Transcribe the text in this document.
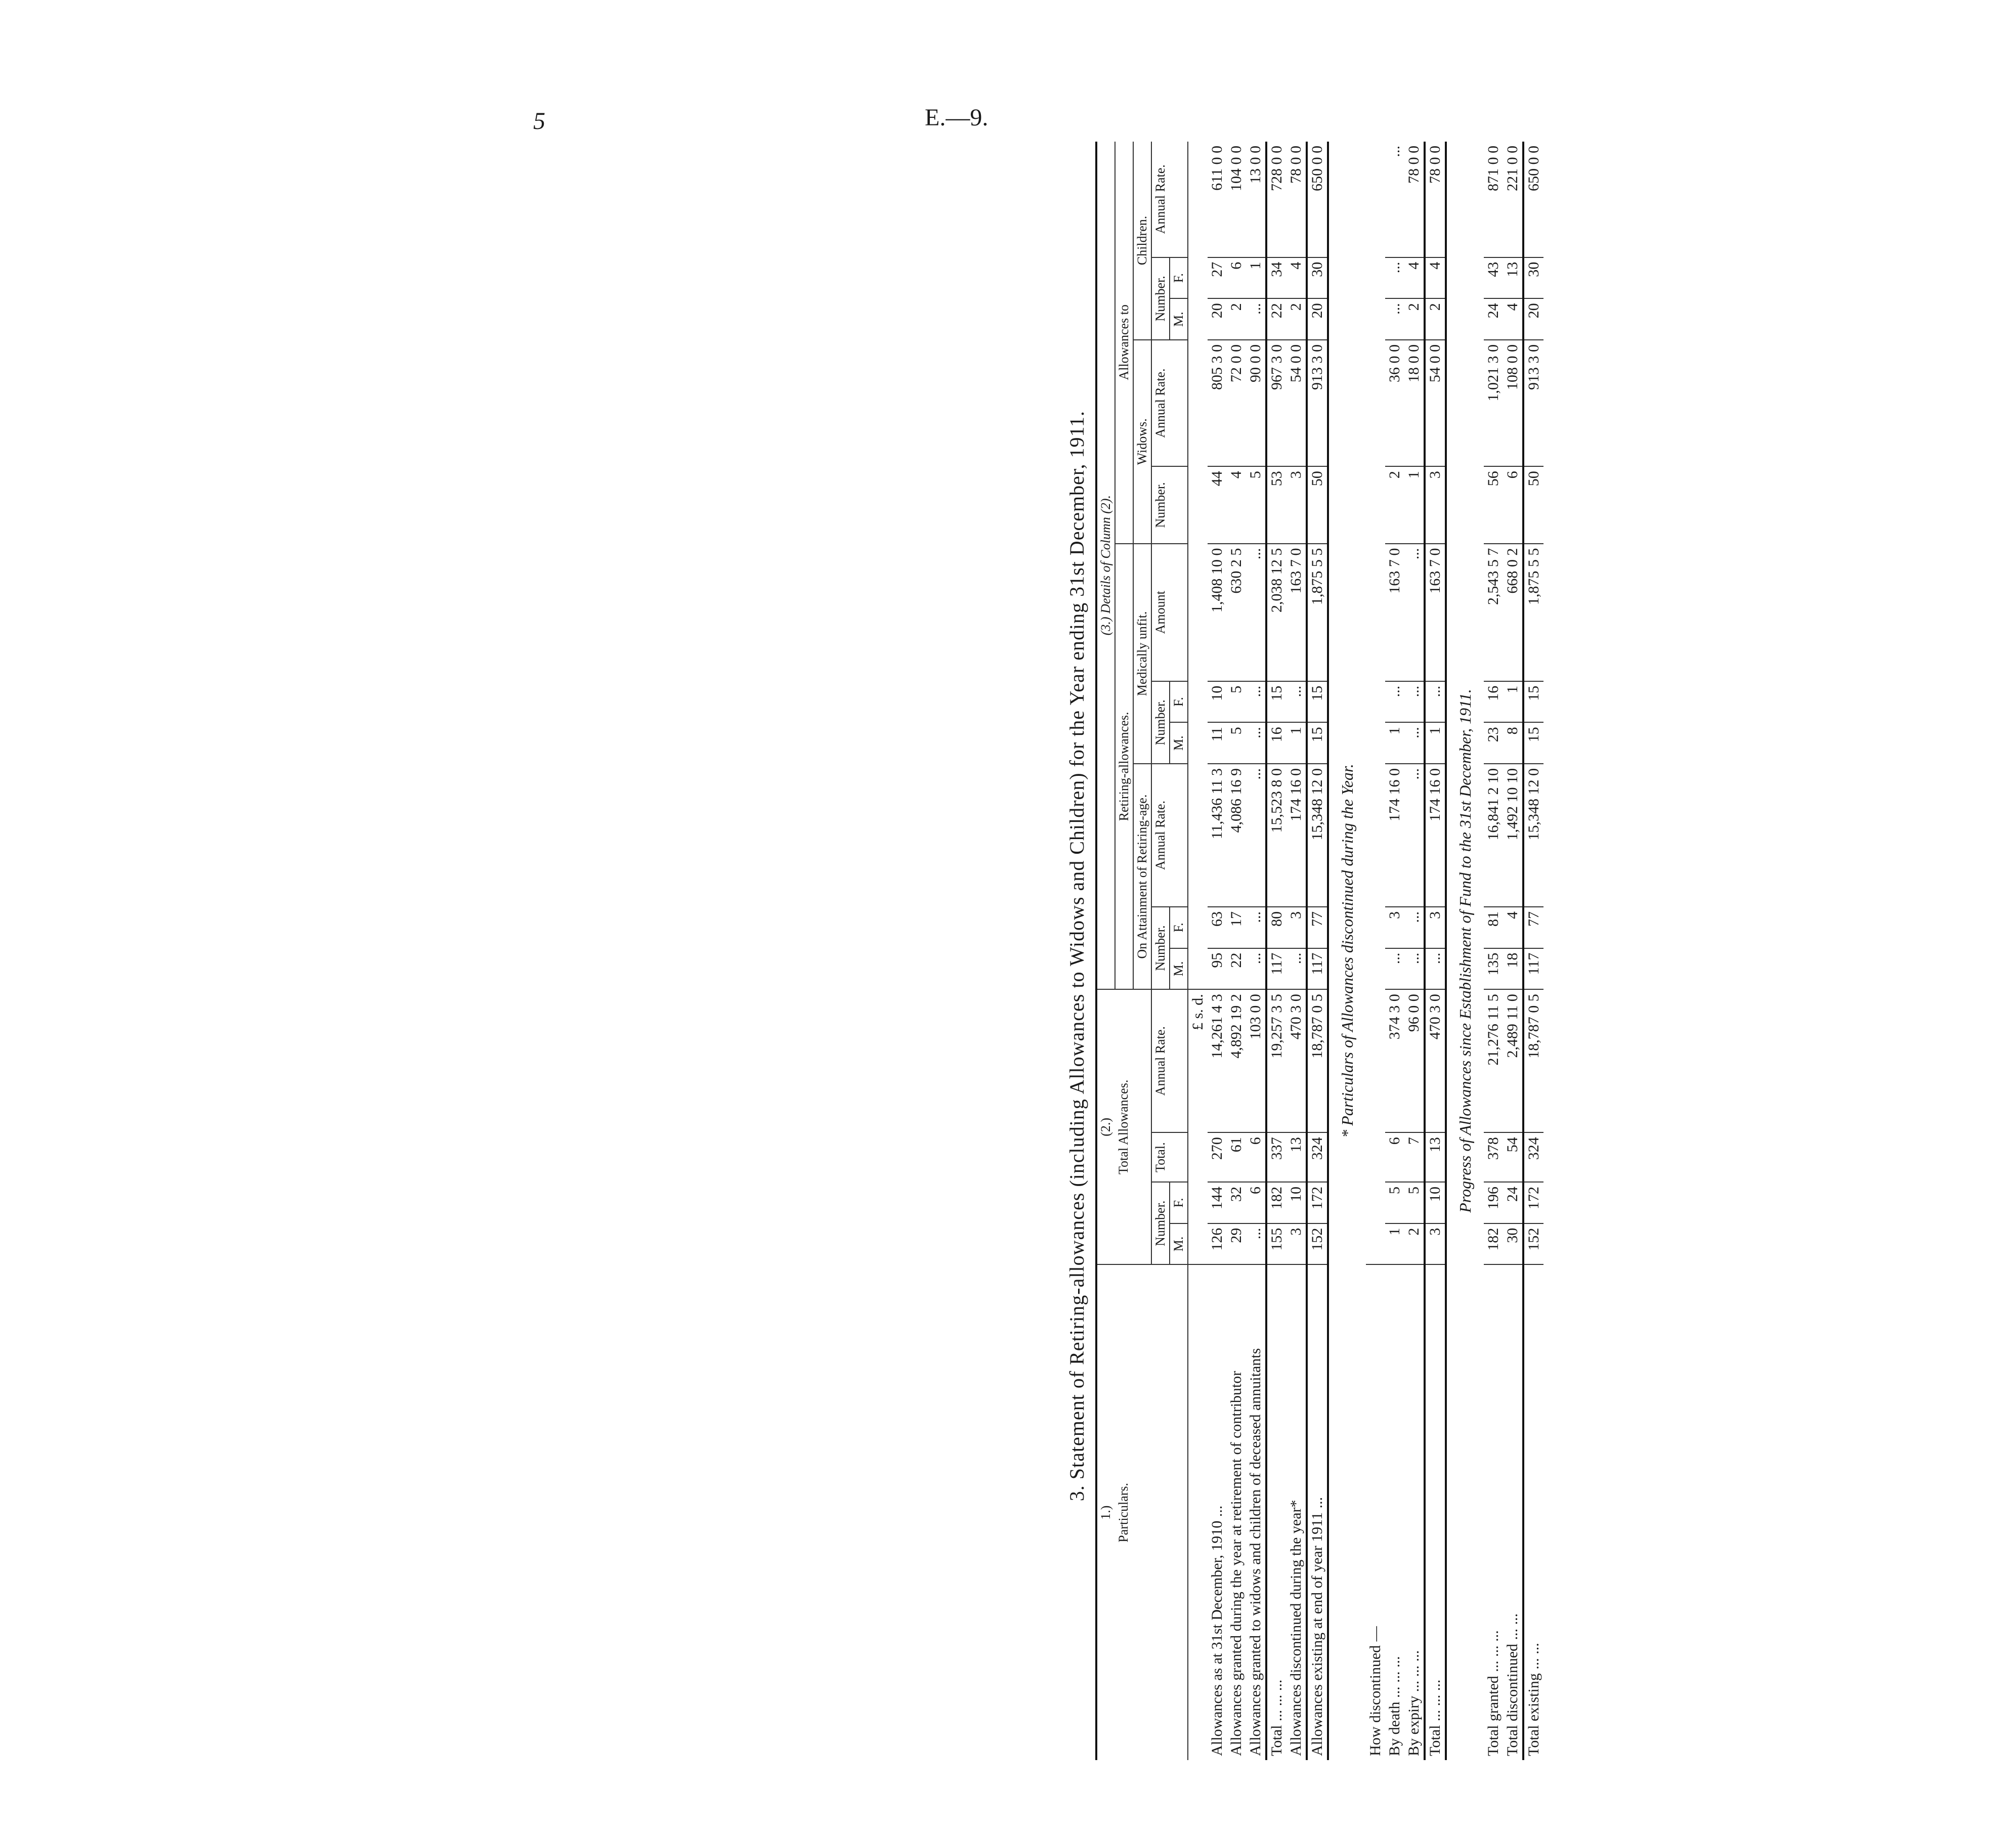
5	E.—9.
3. Statement of Retiring-allowances (including Allowances to Widows and Children) for the Year ending 31st December, 1911.
1.)	(2.)				(3.) Details of Column (2).										
Particulars.	Total Allowances.				Retiring-allowances.						Allowances to				
					On Attainment of Retiring-age.			Medically unfit.			Widows.		Children.		
	Number.		Total.	Annual Rate.	Number.		Annual Rate.	Number.		Amount	Number.	Annual Rate.	Number.		Annual Rate.
	M.	F.			M.	F.		M.	F.				M.	F.	
	£ s. d.														
Allowances as at 31st December, 1910 ...	126	144	270	14,261 4 3	95	63	11,436 11 3	11	10	1,408 10 0	44	805 3 0	20	27	611 0 0
Allowances granted during the year at retirement of contributor	29	32	61	4,892 19 2	22	17	4,086 16 9	5	5	630 2 5	4	72 0 0	2	6	104 0 0
Allowances granted to widows and children of deceased annuitants	...	6	6	103 0 0	...	...	...	...	...	...	5	90 0 0	...	1	13 0 0
Total ... ... ...	155	182	337	19,257 3 5	117	80	15,523 8 0	16	15	2,038 12 5	53	967 3 0	22	34	728 0 0
Allowances discontinued during the year*	3	10	13	470 3 0	...	3	174 16 0	1	...	163 7 0	3	54 0 0	2	4	78 0 0
Allowances existing at end of year 1911 ...	152	172	324	18,787 0 5	117	77	15,348 12 0	15	15	1,875 5 5	50	913 3 0	20	30	650 0 0
* Particulars of Allowances discontinued during the Year.															
How discontinued —															
By death ... ... ...	1	5	6	374 3 0	...	3	174 16 0	1	...	163 7 0	2	36 0 0	...	...	...
By expiry ... ... ...	2	5	7	96 0 0	...	...	...	...	...	...	1	18 0 0	2	4	78 0 0
Total ... ... ...	3	10	13	470 3 0	...	3	174 16 0	1	...	163 7 0	3	54 0 0	2	4	78 0 0
Progress of Allowances since Establishment of Fund to the 31st December, 1911.															
Total granted ... ... ...	182	196	378	21,276 11 5	135	81	16,841 2 10	23	16	2,543 5 7	56	1,021 3 0	24	43	871 0 0
Total discontinued ... ...	30	24	54	2,489 11 0	18	4	1,492 10 10	8	1	668 0 2	6	108 0 0	4	13	221 0 0
Total existing ... ...	152	172	324	18,787 0 5	117	77	15,348 12 0	15	15	1,875 5 5	50	913 3 0	20	30	650 0 0
